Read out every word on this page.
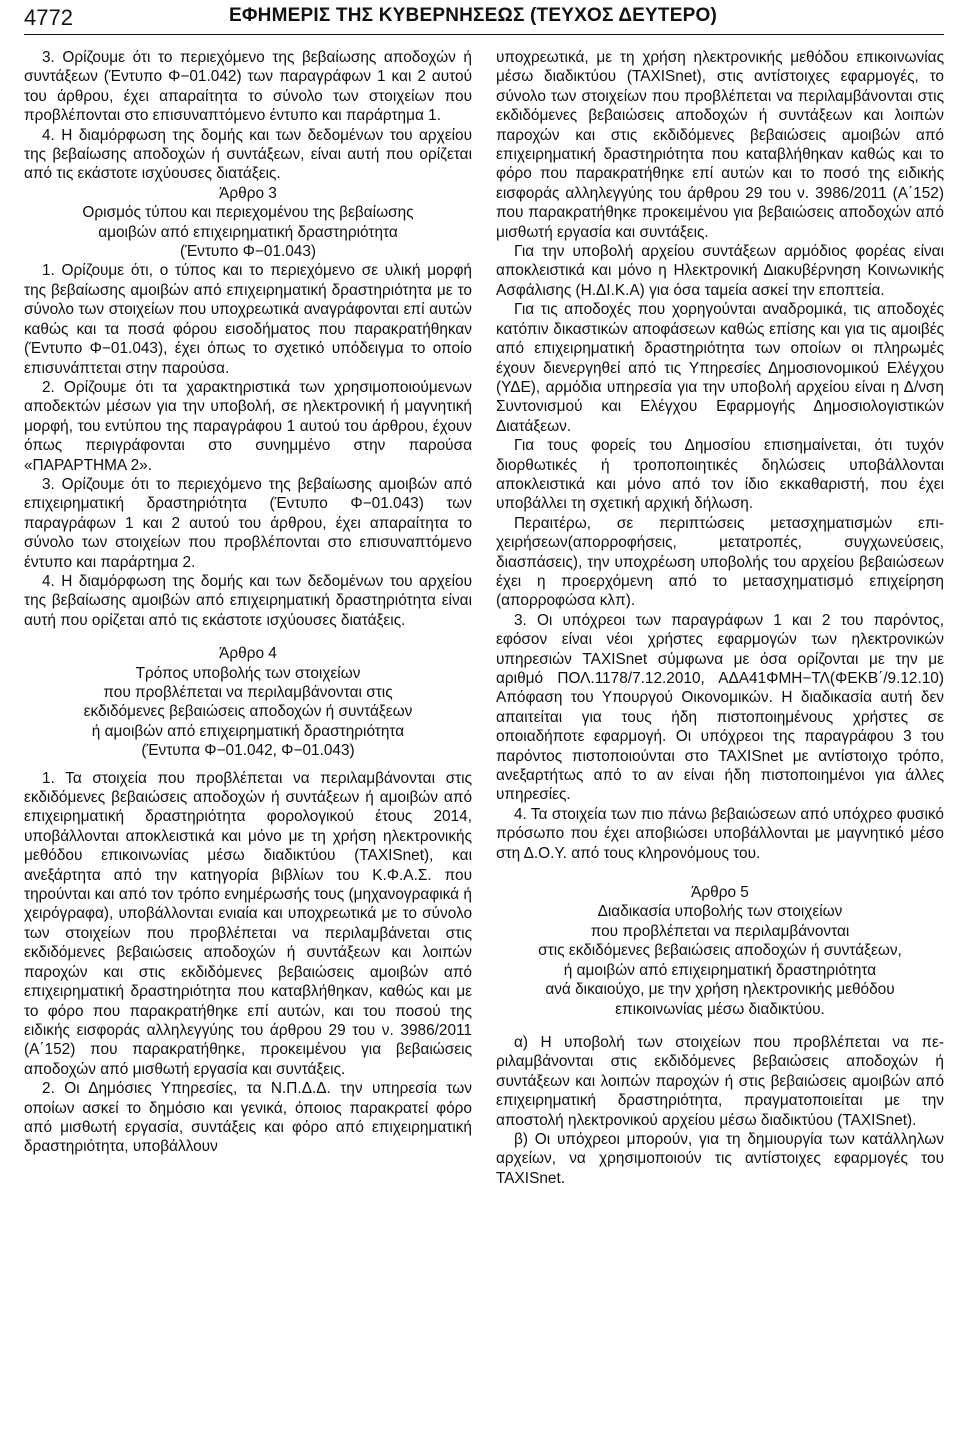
4772	ΕΦΗΜΕΡΙΣ ΤΗΣ ΚΥΒΕΡΝΗΣΕΩΣ (ΤΕΥΧΟΣ ΔΕΥΤΕΡΟ)

3. Ορίζουμε ότι το περιεχόμενο της βεβαίωσης αποδοχών ή συντάξεων (Έντυπο Φ−01.042) των παραγράφων 1 και 2 αυτού του άρθρου, έχει απαραίτητα το σύνολο των στοιχείων που προβλέπονται στο επισυναπτόμενο έντυπο και παράρτημα 1.

4. Η διαμόρφωση της δομής και των δεδομένων του αρχείου της βεβαίωσης αποδοχών ή συντάξεων, είναι αυτή που ορίζεται από τις εκάστοτε ισχύουσες διατάξεις.

Άρθρο 3
Ορισμός τύπου και περιεχομένου της βεβαίωσης
αμοιβών από επιχειρηματική δραστηριότητα
(Έντυπο Φ−01.043)

1. Ορίζουμε ότι, ο τύπος και το περιεχόμενο σε υλική μορφή της βεβαίωσης αμοιβών από επιχειρηματική δραστηριότητα με το σύνολο των στοιχείων που υποχρεωτικά αναγράφονται επί αυτών καθώς και τα ποσά φόρου εισοδήματος που παρακρατήθηκαν (Έντυπο Φ−01.043), έχει όπως το σχετικό υπόδειγμα το οποίο επισυνάπτεται στην παρούσα.

2. Ορίζουμε ότι τα χαρακτηριστικά των χρησιμοποιούμενων αποδεκτών μέσων για την υποβολή, σε ηλεκτρονική ή μαγνητική μορφή, του εντύπου της παραγράφου 1 αυτού του άρθρου, έχουν όπως περιγράφονται στο συνημμένο στην παρούσα «ΠΑΡΑΡΤΗΜΑ 2».

3. Ορίζουμε ότι το περιεχόμενο της βεβαίωσης αμοιβών από επιχειρηματική δραστηριότητα (Έντυπο Φ−01.043) των παραγράφων 1 και 2 αυτού του άρθρου, έχει απαραίτητα το σύνολο των στοιχείων που προβλέπονται στο επισυναπτόμενο έντυπο και παράρτημα 2.

4. Η διαμόρφωση της δομής και των δεδομένων του αρχείου της βεβαίωσης αμοιβών από επιχειρηματική δραστηριότητα είναι αυτή που ορίζεται από τις εκάστοτε ισχύουσες διατάξεις.

Άρθρο 4
Τρόπος υποβολής των στοιχείων
που προβλέπεται να περιλαμβάνονται στις
εκδιδόμενες βεβαιώσεις αποδοχών ή συντάξεων
ή αμοιβών από επιχειρηματική δραστηριότητα
(Έντυπα Φ−01.042, Φ−01.043)

1. Τα στοιχεία που προβλέπεται να περιλαμβάνονται στις εκδιδόμενες βεβαιώσεις αποδοχών ή συντάξεων ή αμοιβών από επιχειρηματική δραστηριότητα φορολογικού έτους 2014, υποβάλλονται αποκλειστικά και μόνο με τη χρήση ηλεκτρονικής μεθόδου επικοινωνίας μέσω διαδικτύου (TAXISnet), και ανεξάρτητα από την κατηγορία βιβλίων του Κ.Φ.Α.Σ. που τηρούνται και από τον τρόπο ενημέρωσής τους (μηχανογραφικά ή χειρόγραφα), υποβάλλονται ενιαία και υποχρεωτικά με το σύνολο των στοιχείων που προβλέπεται να περιλαμβάνεται στις εκδιδόμενες βεβαιώσεις αποδοχών ή συντάξεων και λοιπών παροχών και στις εκδιδόμενες βεβαιώσεις αμοιβών από επιχειρηματική δραστηριότητα που καταβλήθηκαν, καθώς και με το φόρο που παρακρατήθηκε επί αυτών, και του ποσού της ειδικής εισφοράς αλληλεγγύης του άρθρου 29 του ν. 3986/2011 (Α΄152) που παρακρατήθηκε, προκειμένου για βεβαιώσεις αποδοχών από μισθωτή εργασία και συντάξεις.

2. Οι Δημόσιες Υπηρεσίες, τα Ν.Π.Δ.Δ. την υπηρεσία των οποίων ασκεί το δημόσιο και γενικά, όποιος παρακρατεί φόρο από μισθωτή εργασία, συντάξεις και φόρο από επιχειρηματική δραστηριότητα, υποβάλλουν

υποχρεωτικά, με τη χρήση ηλεκτρονικής μεθόδου επικοινωνίας μέσω διαδικτύου (TAXISnet), στις αντίστοιχες εφαρμογές, το σύνολο των στοιχείων που προβλέπεται να περιλαμβάνονται στις εκδιδόμενες βεβαιώσεις αποδοχών ή συντάξεων και λοιπών παροχών και στις εκδιδόμενες βεβαιώσεις αμοιβών από επιχειρηματική δραστηριότητα που καταβλήθηκαν καθώς και το φόρο που παρακρατήθηκε επί αυτών και το ποσό της ειδικής εισφοράς αλληλεγγύης του άρθρου 29 του ν. 3986/2011 (Α΄152) που παρακρατήθηκε προκειμένου για βεβαιώσεις αποδοχών από μισθωτή εργασία και συντάξεις.

Για την υποβολή αρχείου συντάξεων αρμόδιος φορέας είναι αποκλειστικά και μόνο η Ηλεκτρονική Διακυβέρνηση Κοινωνικής Ασφάλισης (Η.ΔΙ.Κ.Α) για όσα ταμεία ασκεί την εποπτεία.

Για τις αποδοχές που χορηγούνται αναδρομικά, τις αποδοχές κατόπιν δικαστικών αποφάσεων καθώς επίσης και για τις αμοιβές από επιχειρηματική δραστηριότητα των οποίων οι πληρωμές έχουν διενεργηθεί από τις Υπηρεσίες Δημοσιονομικού Ελέγχου (ΥΔΕ), αρμόδια υπηρεσία για την υποβολή αρχείου είναι η Δ/νση Συντονισμού και Ελέγχου Εφαρμογής Δημοσιολογιστικών Διατάξεων.

Για τους φορείς του Δημοσίου επισημαίνεται, ότι τυχόν διορθωτικές ή τροποποιητικές δηλώσεις υποβάλλονται αποκλειστικά και μόνο από τον ίδιο εκκαθαριστή, που έχει υποβάλλει τη σχετική αρχική δήλωση.

Περαιτέρω, σε περιπτώσεις μετασχηματισμών επιχειρήσεων(απορροφήσεις, μετατροπές, συγχωνεύσεις, διασπάσεις), την υποχρέωση υποβολής του αρχείου βεβαιώσεων έχει η προερχόμενη από το μετασχηματισμό επιχείρηση (απορροφώσα κλπ).

3. Οι υπόχρεοι των παραγράφων 1 και 2 του παρόντος, εφόσον είναι νέοι χρήστες εφαρμογών των ηλεκτρονικών υπηρεσιών TAXISnet σύμφωνα με όσα ορίζονται με την με αριθμό ΠΟΛ.1178/7.12.2010, ΑΔΑ41ΦΜΗ−ΤΛ(ΦΕΚΒ΄/9.12.10) Απόφαση του Υπουργού Οικονομικών. Η διαδικασία αυτή δεν απαιτείται για τους ήδη πιστοποιημένους χρήστες σε οποιαδήποτε εφαρμογή. Οι υπόχρεοι της παραγράφου 3 του παρόντος πιστοποιούνται στο TAXISnet με αντίστοιχο τρόπο, ανεξαρτήτως από το αν είναι ήδη πιστοποιημένοι για άλλες υπηρεσίες.

4. Τα στοιχεία των πιο πάνω βεβαιώσεων από υπόχρεο φυσικό πρόσωπο που έχει αποβιώσει υποβάλλονται με μαγνητικό μέσο στη Δ.Ο.Υ. από τους κληρονόμους του.

Άρθρο 5
Διαδικασία υποβολής των στοιχείων
που προβλέπεται να περιλαμβάνονται
στις εκδιδόμενες βεβαιώσεις αποδοχών ή συντάξεων,
ή αμοιβών από επιχειρηματική δραστηριότητα
ανά δικαιούχο, με την χρήση ηλεκτρονικής μεθόδου
επικοινωνίας μέσω διαδικτύου.

α) Η υποβολή των στοιχείων που προβλέπεται να περιλαμβάνονται στις εκδιδόμενες βεβαιώσεις αποδοχών ή συντάξεων και λοιπών παροχών ή στις βεβαιώσεις αμοιβών από επιχειρηματική δραστηριότητα, πραγματοποιείται με την αποστολή ηλεκτρονικού αρχείου μέσω διαδικτύου (TAXISnet).

β) Οι υπόχρεοι μπορούν, για τη δημιουργία των κατάλληλων αρχείων, να χρησιμοποιούν τις αντίστοιχες εφαρμογές του TAXISnet.
